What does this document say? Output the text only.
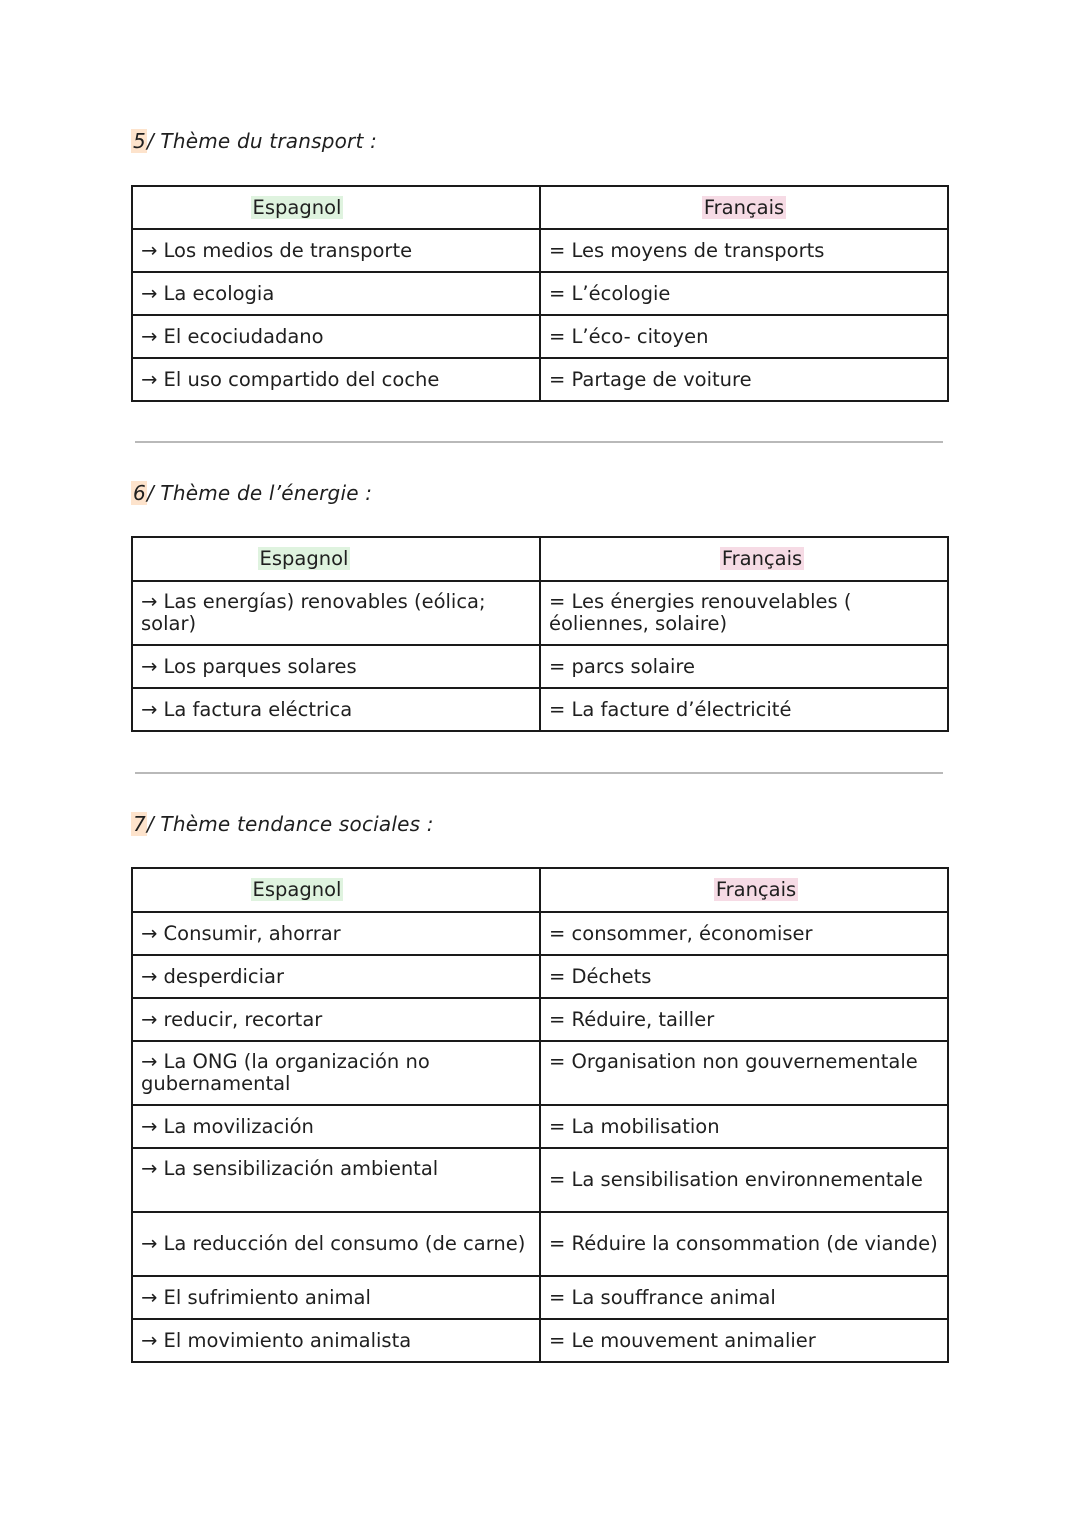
5/ Thème du transport :
Espagnol	Français
→ Los medios de transporte	= Les moyens de transports
→ La ecologia	= L’écologie
→ El ecociudadano	= L’éco- citoyen
→ El uso compartido del coche	= Partage de voiture
6/ Thème de l’énergie :
Espagnol	Français
→ Las energías) renovables (eólica; solar)	= Les énergies renouvelables ( éoliennes, solaire)
→ Los parques solares	= parcs solaire
→ La factura eléctrica	= La facture d’électricité
7/ Thème tendance sociales :
Espagnol	Français
→ Consumir, ahorrar	= consommer, économiser
→ desperdiciar	= Déchets
→ reducir, recortar	= Réduire, tailler
→ La ONG (la organización no gubernamental	= Organisation non gouvernementale
→ La movilización	= La mobilisation
→ La sensibilización ambiental	= La sensibilisation environnementale
→ La reducción del consumo (de carne)	= Réduire la consommation (de viande)
→ El sufrimiento animal	= La souffrance animal
→ El movimiento animalista	= Le mouvement animalier
